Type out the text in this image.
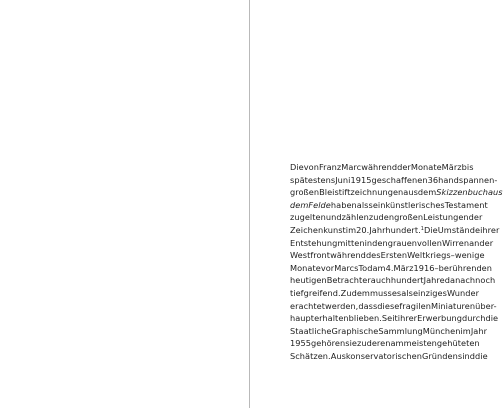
Die von Franz Marc während der Monate März bis
spätestens Juni 1915 geschaffenen 36 handspannen-
großen Bleistiftzeichnungen aus dem Skizzenbuch aus
dem Felde haben als sein künstlerisches Testament
zu gelten und zählen zu den großen Leistungen der
Zeichenkunst im 20. Jahrhundert.$^1$ Die Umstände ihrer
Entstehung mitten in den grauenvollen Wirren an der
Westfront während des Ersten Weltkriegs – wenige
Monate vor Marcs Tod am 4. März 1916 – berühren den
heutigen Betrachter auch hundert Jahre danach noch
tief greifend. Zudem muss es als einziges Wunder
erachtet werden, dass diese fragilen Miniaturen über-
haupt erhalten blieben. Seit ihrer Erwerbung durch die
Staatliche Graphische Sammlung München im Jahr
1955 gehören sie zu deren am meisten gehüteten
Schätzen. Aus konservatorischen Gründen sind die
